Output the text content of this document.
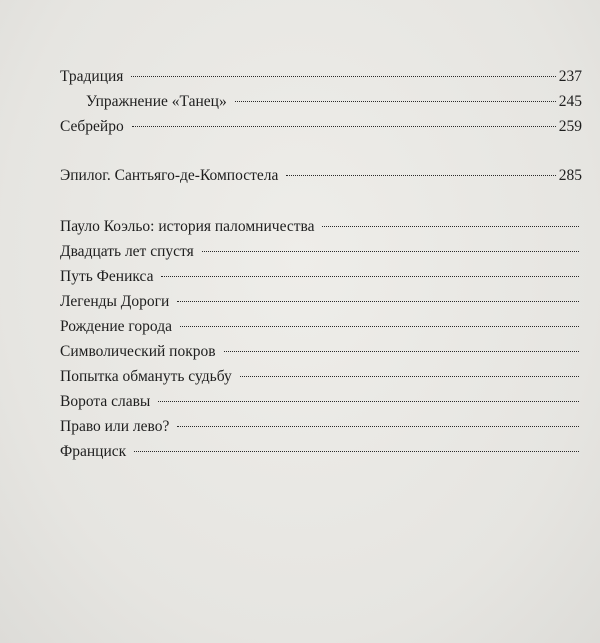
Традиция	237
Упражнение «Танец»	245
Себрейро	259
Эпилог. Сантьяго-де-Компостела	285
Пауло Коэльо: история паломничества
Двадцать лет спустя
Путь Феникса
Легенды Дороги
Рождение города
Символический покров
Попытка обмануть судьбу
Ворота славы
Право или лево?
Франциск
